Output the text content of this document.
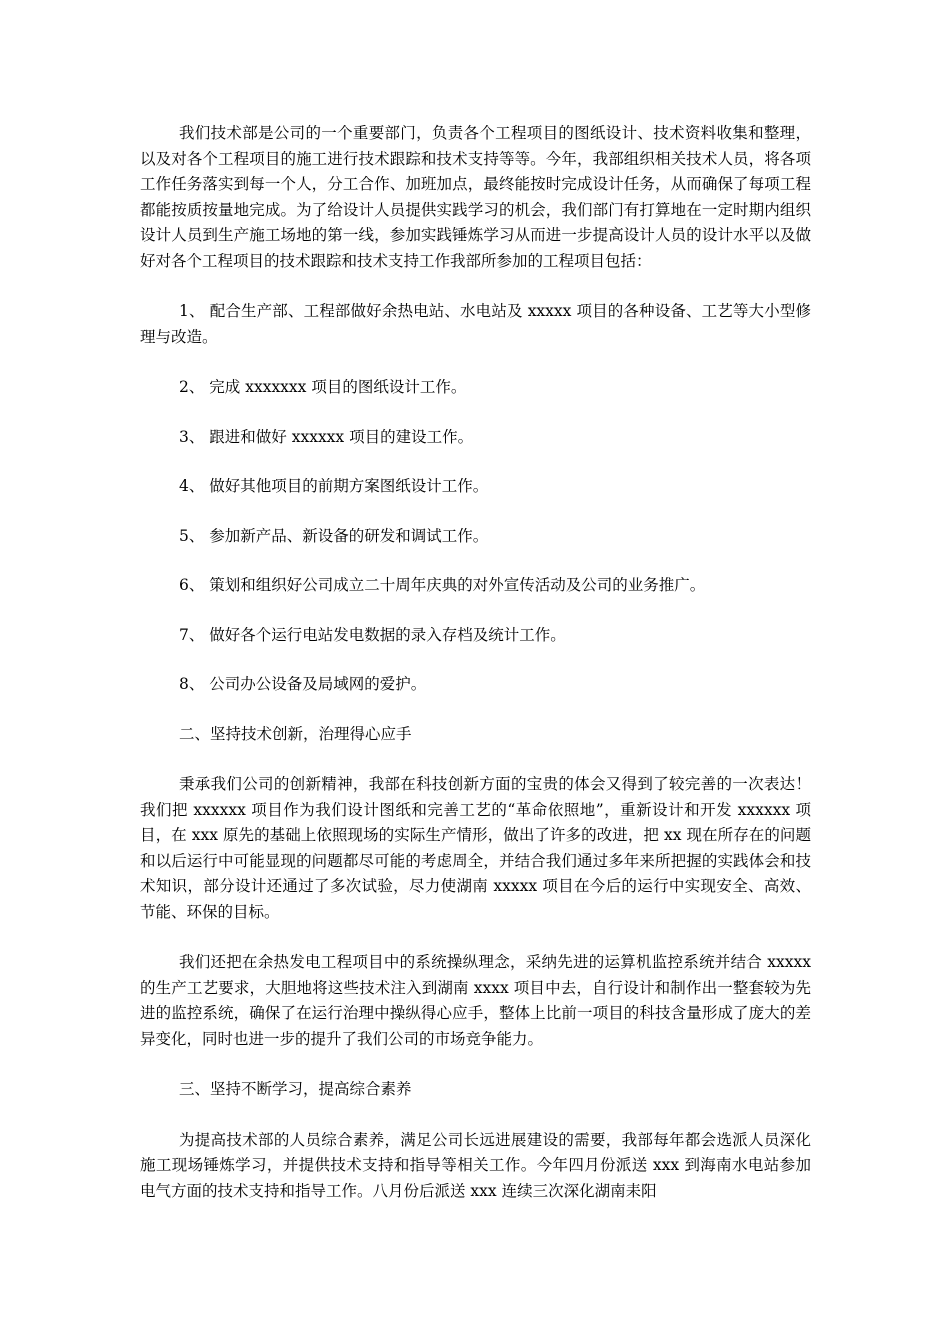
我们技术部是公司的一个重要部门，负责各个工程项目的图纸设计、技术资料收集和整理，以及对各个工程项目的施工进行技术跟踪和技术支持等等。今年，我部组织相关技术人员，将各项工作任务落实到每一个人，分工合作、加班加点，最终能按时完成设计任务，从而确保了每项工程都能按质按量地完成。为了给设计人员提供实践学习的机会，我们部门有打算地在一定时期内组织设计人员到生产施工场地的第一线，参加实践锤炼学习从而进一步提高设计人员的设计水平以及做好对各个工程项目的技术跟踪和技术支持工作我部所参加的工程项目包括：

1、 配合生产部、工程部做好余热电站、水电站及 xxxxx 项目的各种设备、工艺等大小型修理与改造。

2、 完成 xxxxxxx 项目的图纸设计工作。

3、 跟进和做好 xxxxxx 项目的建设工作。

4、 做好其他项目的前期方案图纸设计工作。

5、 参加新产品、新设备的研发和调试工作。

6、 策划和组织好公司成立二十周年庆典的对外宣传活动及公司的业务推广。

7、 做好各个运行电站发电数据的录入存档及统计工作。

8、 公司办公设备及局域网的爱护。

二、坚持技术创新，治理得心应手

秉承我们公司的创新精神，我部在科技创新方面的宝贵的体会又得到了较完善的一次表达！我们把 xxxxxx 项目作为我们设计图纸和完善工艺的“革命依照地”，重新设计和开发 xxxxxx 项目，在 xxx 原先的基础上依照现场的实际生产情形，做出了许多的改进，把 xx 现在所存在的问题和以后运行中可能显现的问题都尽可能的考虑周全，并结合我们通过多年来所把握的实践体会和技术知识，部分设计还通过了多次试验，尽力使湖南 xxxxx 项目在今后的运行中实现安全、高效、节能、环保的目标。

我们还把在余热发电工程项目中的系统操纵理念，采纳先进的运算机监控系统并结合 xxxxx 的生产工艺要求，大胆地将这些技术注入到湖南 xxxx 项目中去，自行设计和制作出一整套较为先进的监控系统，确保了在运行治理中操纵得心应手，整体上比前一项目的科技含量形成了庞大的差异变化，同时也进一步的提升了我们公司的市场竞争能力。

三、坚持不断学习，提高综合素养

为提高技术部的人员综合素养，满足公司长远进展建设的需要，我部每年都会选派人员深化施工现场锤炼学习，并提供技术支持和指导等相关工作。今年四月份派送 xxx 到海南水电站参加电气方面的技术支持和指导工作。八月份后派送 xxx 连续三次深化湖南耒阳
